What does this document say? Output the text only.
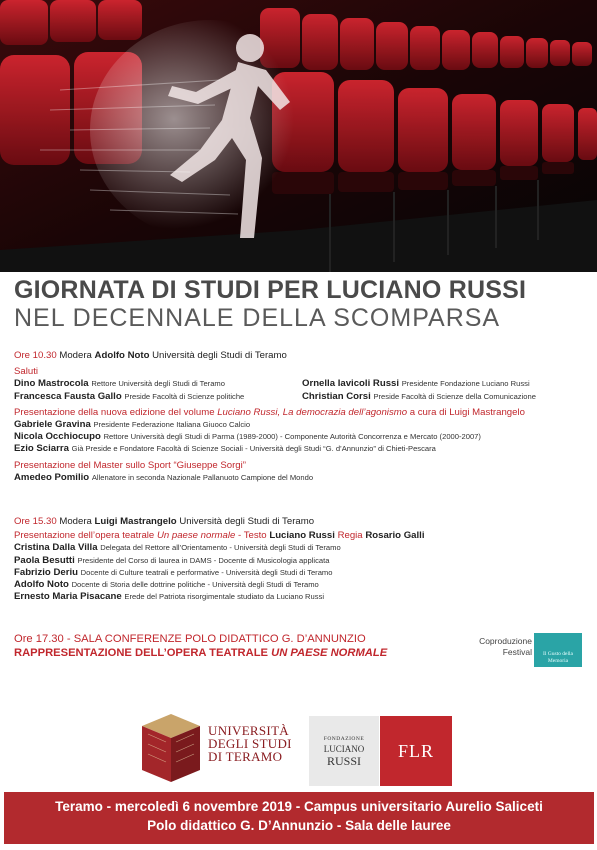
GIORNATA DI STUDI PER LUCIANO RUSSI
NEL DECENNALE DELLA SCOMPARSA
Ore 10.30 Modera Adolfo Noto Università degli Studi di Teramo
Saluti
Dino Mastrocola Rettore Università degli Studi di Teramo
Francesca Fausta Gallo Preside Facoltà di Scienze politiche
Ornella Iavicoli Russi Presidente Fondazione Luciano Russi
Christian Corsi Preside Facoltà di Scienze della Comunicazione
Presentazione della nuova edizione del volume Luciano Russi, La democrazia dell’agonismo a cura di Luigi Mastrangelo
Gabriele Gravina Presidente Federazione Italiana Giuoco Calcio
Nicola Occhiocupo Rettore Università degli Studi di Parma (1989-2000) - Componente Autorità Concorrenza e Mercato (2000-2007)
Ezio Sciarra Già Preside e Fondatore Facoltà di Scienze Sociali - Università degli Studi “G. d’Annunzio” di Chieti-Pescara
Presentazione del Master sullo Sport “Giuseppe Sorgi”
Amedeo Pomilio Allenatore in seconda Nazionale Pallanuoto Campione del Mondo
Ore 15.30 Modera Luigi Mastrangelo Università degli Studi di Teramo
Presentazione dell’opera teatrale Un paese normale - Testo Luciano Russi Regia Rosario Galli
Cristina Dalla Villa Delegata del Rettore all’Orientamento - Università degli Studi di Teramo
Paola Besutti Presidente del Corso di laurea in DAMS - Docente di Musicologia applicata
Fabrizio Deriu Docente di Culture teatrali e performative - Università degli Studi di Teramo
Adolfo Noto Docente di Storia delle dottrine politiche - Università degli Studi di Teramo
Ernesto Maria Pisacane Erede del Patriota risorgimentale studiato da Luciano Russi
Ore 17.30 - SALA CONFERENZE POLO DIDATTICO G. D’ANNUNZIO
RAPPRESENTAZIONE DELL’OPERA TEATRALE UN PAESE NORMALE
Coproduzione
Festival	Il Gusto della Memoria
UNIVERSITÀ
DEGLI STUDI
DI TERAMO
FONDAZIONE
LUCIANO
RUSSI
FLR
Teramo - mercoledì 6 novembre 2019 - Campus universitario Aurelio Saliceti
Polo didattico G. D’Annunzio - Sala delle lauree
